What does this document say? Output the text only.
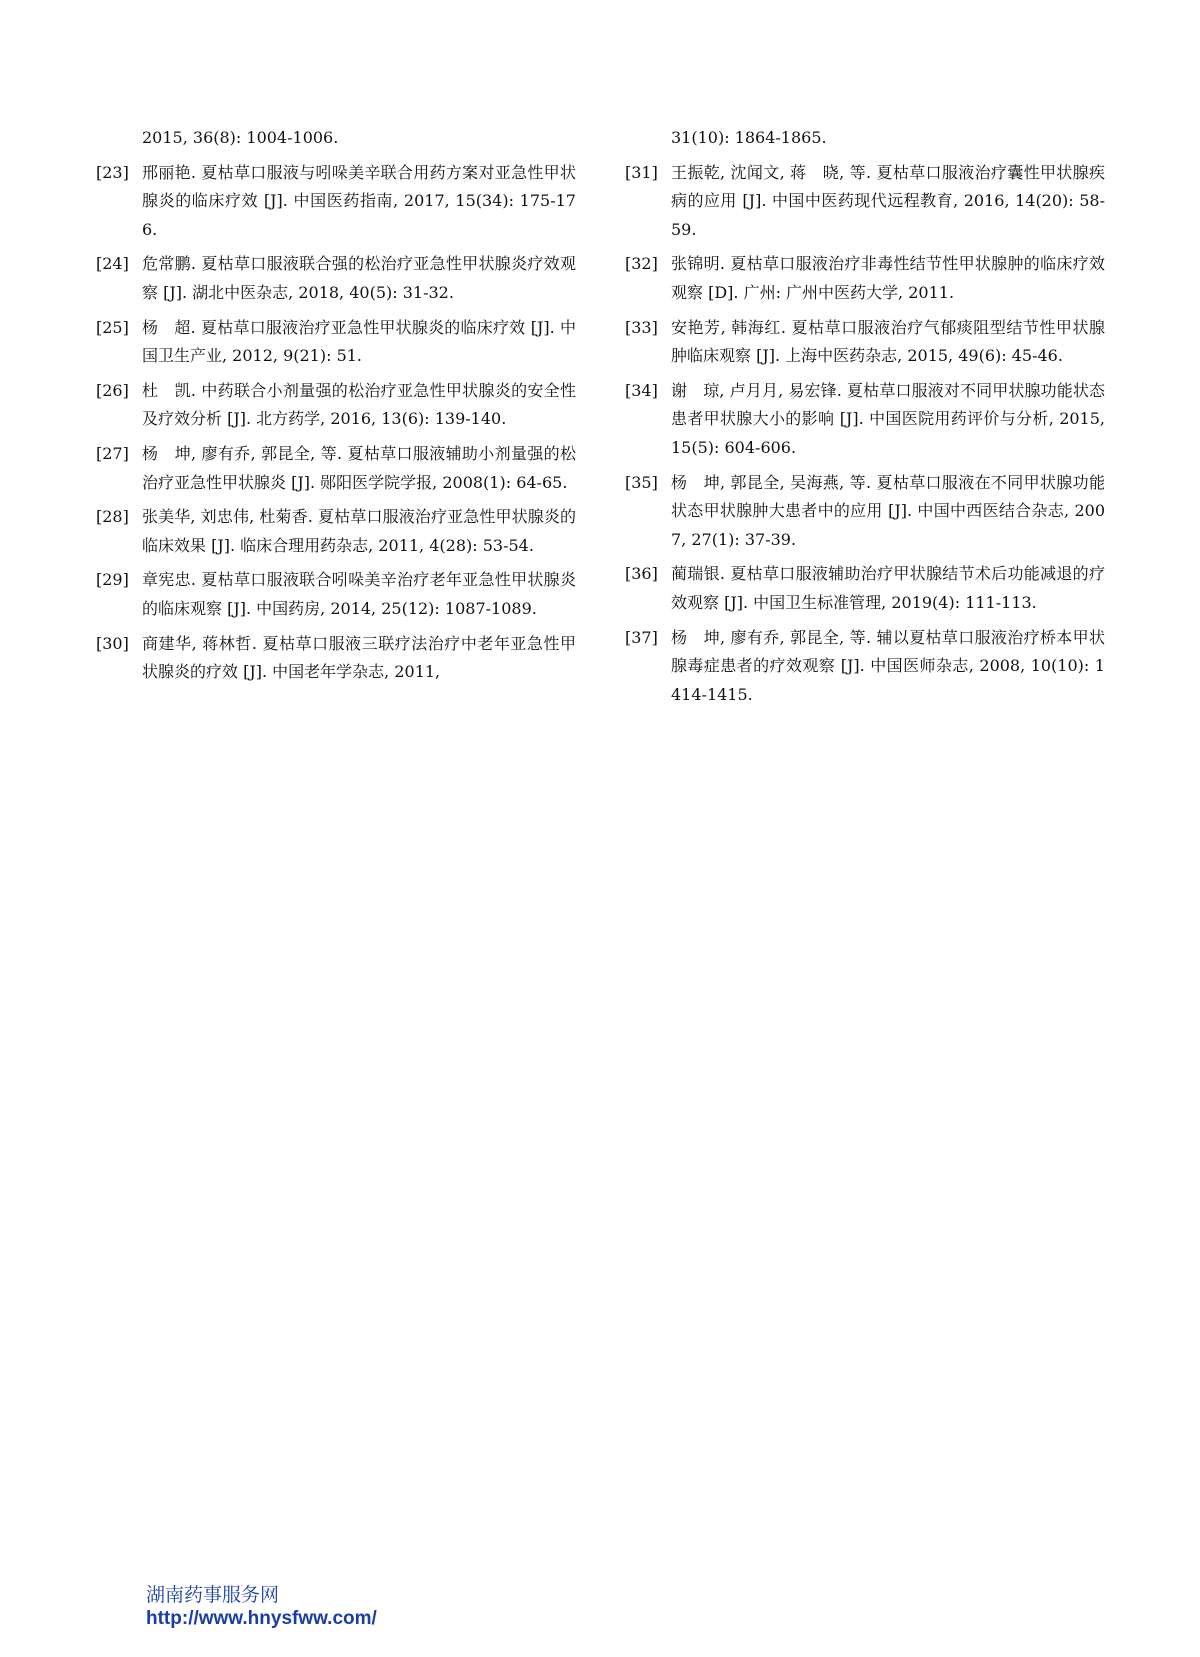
2015, 36(8): 1004-1006.
[23] 邢丽艳. 夏枯草口服液与吲哚美辛联合用药方案对亚急性甲状腺炎的临床疗效 [J]. 中国医药指南, 2017, 15(34): 175-176.
[24] 危常鹏. 夏枯草口服液联合强的松治疗亚急性甲状腺炎疗效观察 [J]. 湖北中医杂志, 2018, 40(5): 31-32.
[25] 杨　超. 夏枯草口服液治疗亚急性甲状腺炎的临床疗效 [J]. 中国卫生产业, 2012, 9(21): 51.
[26] 杜　凯. 中药联合小剂量强的松治疗亚急性甲状腺炎的安全性及疗效分析 [J]. 北方药学, 2016, 13(6): 139-140.
[27] 杨　坤, 廖有乔, 郭昆全, 等. 夏枯草口服液辅助小剂量强的松治疗亚急性甲状腺炎 [J]. 郧阳医学院学报, 2008(1): 64-65.
[28] 张美华, 刘忠伟, 杜菊香. 夏枯草口服液治疗亚急性甲状腺炎的临床效果 [J]. 临床合理用药杂志, 2011, 4(28): 53-54.
[29] 章宪忠. 夏枯草口服液联合吲哚美辛治疗老年亚急性甲状腺炎的临床观察 [J]. 中国药房, 2014, 25(12): 1087-1089.
[30] 商建华, 蒋林哲. 夏枯草口服液三联疗法治疗中老年亚急性甲状腺炎的疗效 [J]. 中国老年学杂志, 2011,
31(10): 1864-1865.
[31] 王振乾, 沈闻文, 蒋　晓, 等. 夏枯草口服液治疗囊性甲状腺疾病的应用 [J]. 中国中医药现代远程教育, 2016, 14(20): 58-59.
[32] 张锦明. 夏枯草口服液治疗非毒性结节性甲状腺肿的临床疗效观察 [D]. 广州: 广州中医药大学, 2011.
[33] 安艳芳, 韩海红. 夏枯草口服液治疗气郁痰阻型结节性甲状腺肿临床观察 [J]. 上海中医药杂志, 2015, 49(6): 45-46.
[34] 谢　琼, 卢月月, 易宏锋. 夏枯草口服液对不同甲状腺功能状态患者甲状腺大小的影响 [J]. 中国医院用药评价与分析, 2015, 15(5): 604-606.
[35] 杨　坤, 郭昆全, 吴海燕, 等. 夏枯草口服液在不同甲状腺功能状态甲状腺肿大患者中的应用 [J]. 中国中西医结合杂志, 2007, 27(1): 37-39.
[36] 蔺瑞银. 夏枯草口服液辅助治疗甲状腺结节术后功能减退的疗效观察 [J]. 中国卫生标准管理, 2019(4): 111-113.
[37] 杨　坤, 廖有乔, 郭昆全, 等. 辅以夏枯草口服液治疗桥本甲状腺毒症患者的疗效观察 [J]. 中国医师杂志, 2008, 10(10): 1414-1415.
湖南药事服务网
http://www.hnysfww.com/
